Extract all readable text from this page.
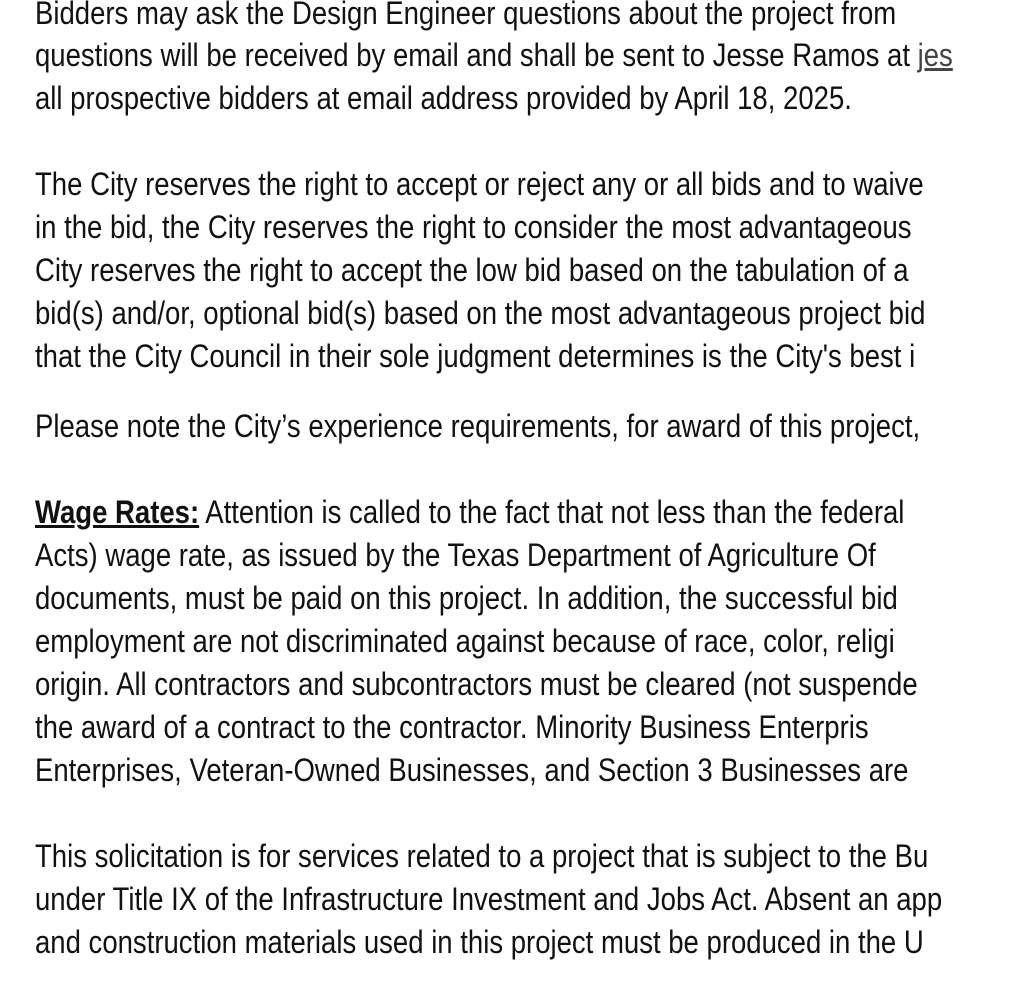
Bidders may ask the Design Engineer questions about the project from
questions will be received by email and shall be sent to Jesse Ramos at jes
all prospective bidders at email address provided by April 18, 2025.
The City reserves the right to accept or reject any or all bids and to waive
in the bid, the City reserves the right to consider the most advantageous
City reserves the right to accept the low bid based on the tabulation of a
bid(s) and/or, optional bid(s) based on the most advantageous project bid
that the City Council in their sole judgment determines is the City's best i
Please note the City’s experience requirements, for award of this project,
Wage Rates: Attention is called to the fact that not less than the federal
Acts) wage rate, as issued by the Texas Department of Agriculture Of
documents, must be paid on this project. In addition, the successful bid
employment are not discriminated against because of race, color, religi
origin. All contractors and subcontractors must be cleared (not suspende
the award of a contract to the contractor. Minority Business Enterpris
Enterprises, Veteran-Owned Businesses, and Section 3 Businesses are
This solicitation is for services related to a project that is subject to the Bu
under Title IX of the Infrastructure Investment and Jobs Act. Absent an app
and construction materials used in this project must be produced in the U
